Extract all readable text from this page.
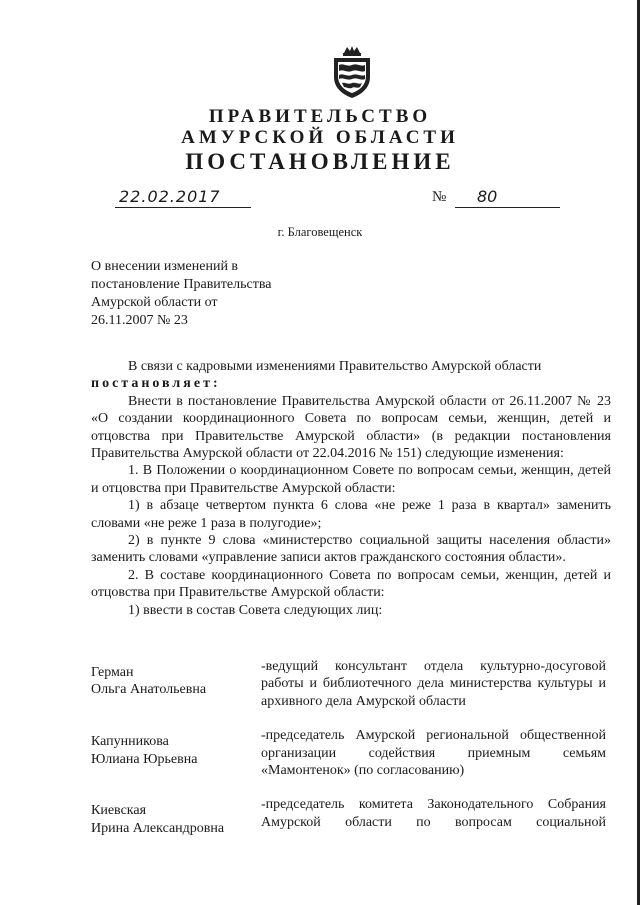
ПРАВИТЕЛЬСТВО
АМУРСКОЙ ОБЛАСТИ
ПОСТАНОВЛЕНИЕ
22.02.2017	№	80
г. Благовещенск
О внесении изменений в
постановление Правительства
Амурской области от
26.11.2007 № 23
В связи с кадровыми изменениями Правительство Амурской области
постановляет:
Внести в постановление Правительства Амурской области от 26.11.2007 № 23 «О создании координационного Совета по вопросам семьи, женщин, детей и отцовства при Правительстве Амурской области» (в редакции постановления Правительства Амурской области от 22.04.2016 № 151) следующие изменения:
1. В Положении о координационном Совете по вопросам семьи, женщин, детей и отцовства при Правительстве Амурской области:
1) в абзаце четвертом пункта 6 слова «не реже 1 раза в квартал» заменить словами «не реже 1 раза в полугодие»;
2) в пункте 9 слова «министерство социальной защиты населения области» заменить словами «управление записи актов гражданского состояния области».
2. В составе координационного Совета по вопросам семьи, женщин, детей и отцовства при Правительстве Амурской области:
1) ввести в состав Совета следующих лиц:
Герман
Ольга Анатольевна
-ведущий консультант отдела культурно-досуговой работы и библиотечного дела министерства культуры и архивного дела Амурской области
Капунникова
Юлиана Юрьевна
-председатель Амурской региональной общественной организации содействия приемным семьям «Мамонтенок» (по согласованию)
Киевская
Ирина Александровна
-председатель комитета Законодательного Собрания Амурской области по вопросам социальной
